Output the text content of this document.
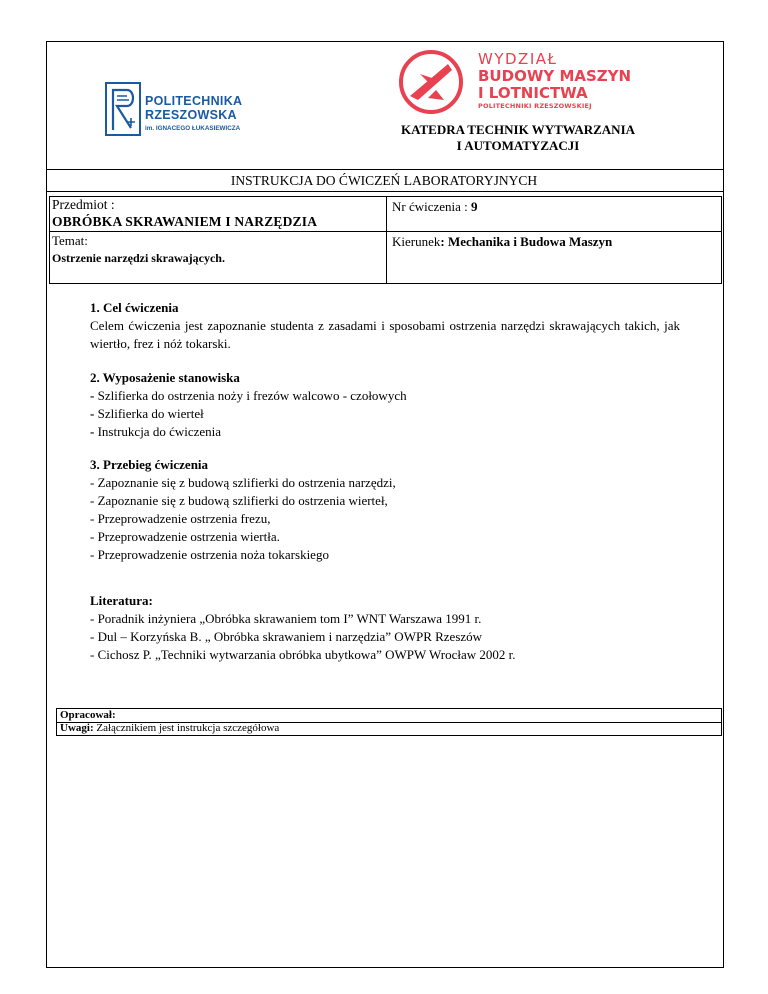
POLITECHNIKA
RZESZOWSKA
im. IGNACEGO ŁUKASIEWICZA
WYDZIAŁ
BUDOWY MASZYN
I LOTNICTWA
POLITECHNIKI RZESZOWSKIEJ
KATEDRA TECHNIK WYTWARZANIA
I AUTOMATYZACJI
INSTRUKCJA DO ĆWICZEŃ LABORATORYJNYCH
Przedmiot :
OBRÓBKA SKRAWANIEM I NARZĘDZIA
Nr ćwiczenia : 9
Temat:
Ostrzenie narzędzi skrawających.
Kierunek: Mechanika i Budowa Maszyn

1. Cel ćwiczenia

Celem ćwiczenia jest zapoznanie studenta z zasadami i sposobami ostrzenia narzędzi skrawających takich, jak wiertło, frez i nóż tokarski.

2. Wyposażenie stanowiska

- Szlifierka do ostrzenia noży i frezów walcowo - czołowych

- Szlifierka do wierteł

- Instrukcja do ćwiczenia

3. Przebieg ćwiczenia

- Zapoznanie się z budową szlifierki do ostrzenia narzędzi,

- Zapoznanie się z budową szlifierki do ostrzenia wierteł,

- Przeprowadzenie ostrzenia frezu,

- Przeprowadzenie ostrzenia wiertła.

- Przeprowadzenie ostrzenia noża tokarskiego

Literatura:

- Poradnik inżyniera „Obróbka skrawaniem tom I” WNT Warszawa 1991 r.

- Dul – Korzyńska B. „ Obróbka skrawaniem i narzędzia” OWPR Rzeszów

- Cichosz P. „Techniki wytwarzania obróbka ubytkowa” OWPW Wrocław 2002 r.

Opracował:
Uwagi: Załącznikiem jest instrukcja szczegółowa
